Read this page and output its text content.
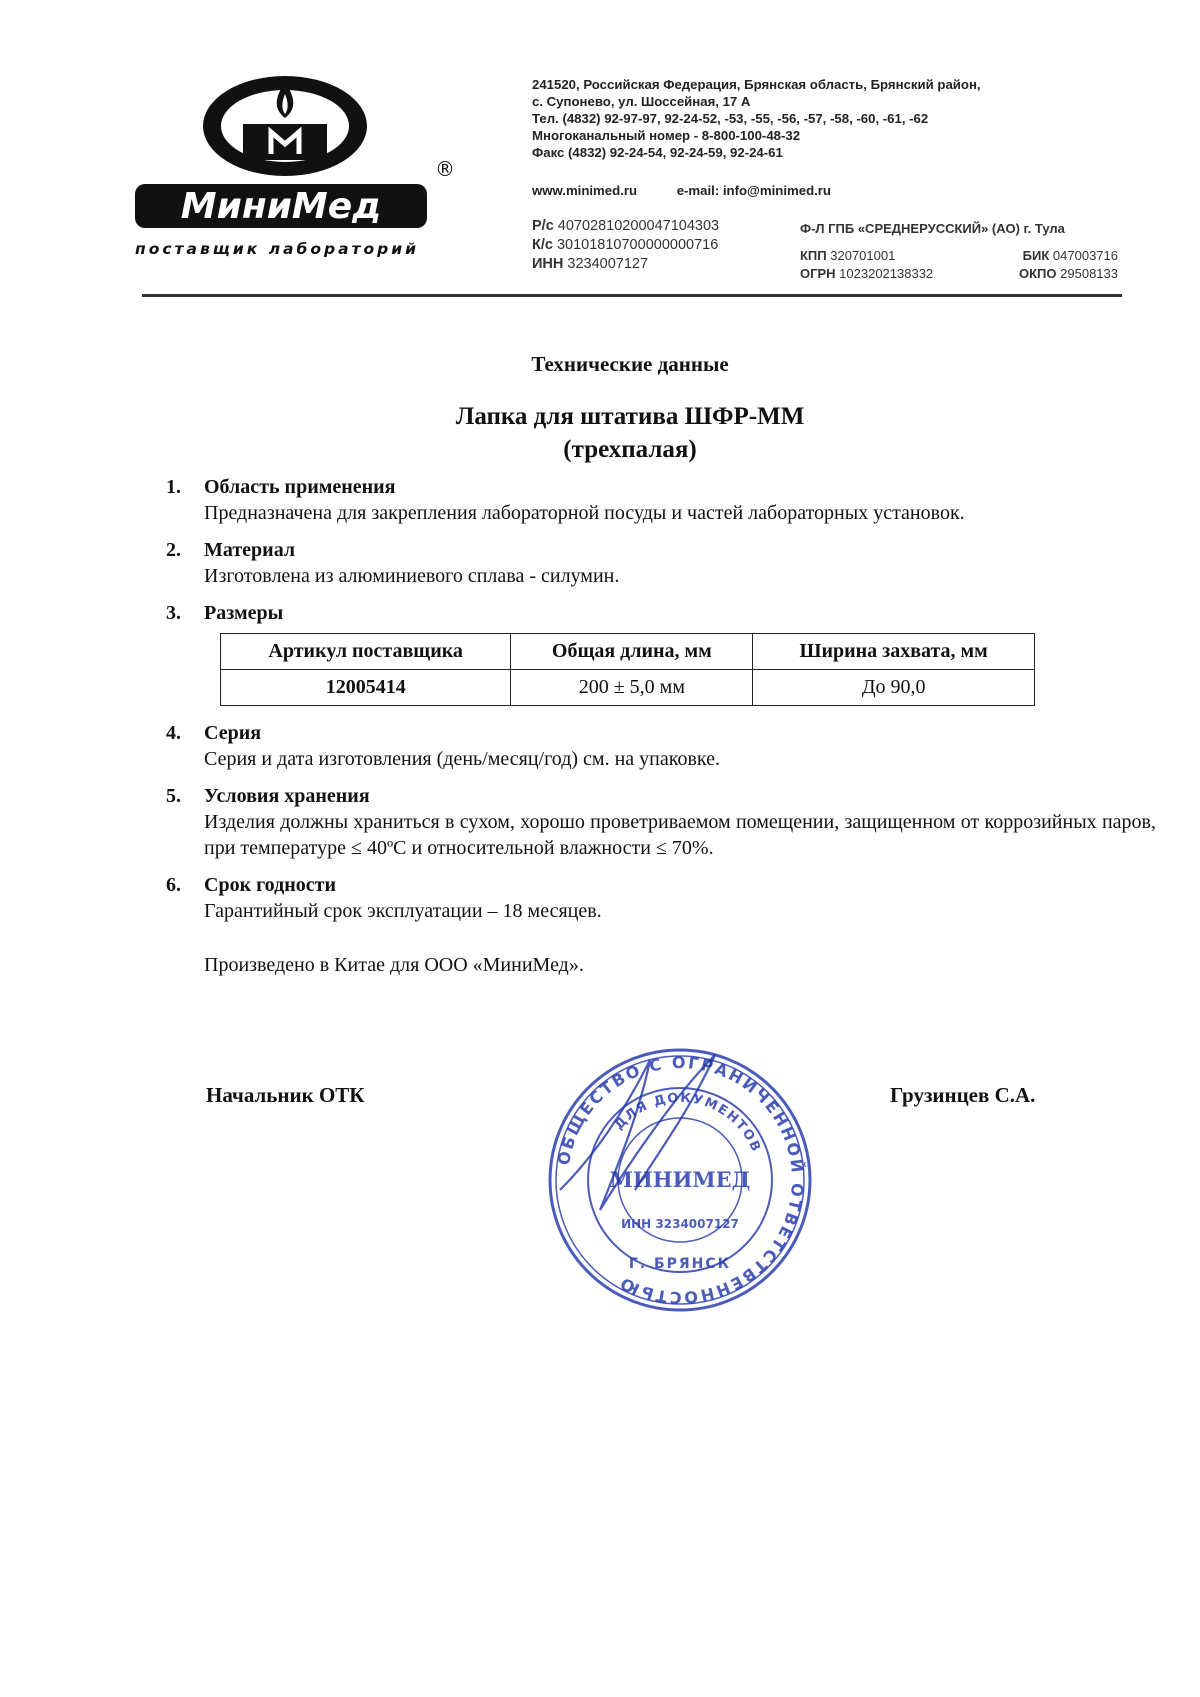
МиниМед
®
поставщик лабораторий
241520, Российская Федерация, Брянская область, Брянский район,
с. Супонево, ул. Шоссейная, 17 А
Тел. (4832) 92-97-97, 92-24-52, -53, -55, -56, -57, -58, -60, -61, -62
Многоканальный номер - 8-800-100-48-32
Факс (4832) 92-24-54, 92-24-59, 92-24-61
www.minimed.ru	e-mail: info@minimed.ru
Р/с 40702810200047104303
К/с 30101810700000000716
ИНН 3234007127
Ф-Л ГПБ «СРЕДНЕРУССКИЙ» (АО) г. Тула
КПП 320701001	БИК 047003716
ОГРН 1023202138332	ОКПО 29508133
Технические данные
Лапка для штатива ШФР-ММ
(трехпалая)
1. Область применения
Предназначена для закрепления лабораторной посуды и частей лабораторных установок.
2. Материал
Изготовлена из алюминиевого сплава - силумин.
3. Размеры
Артикул поставщика	Общая длина, мм	Ширина захвата, мм
12005414	200 ± 5,0 мм	До 90,0
4. Серия
Серия и дата изготовления (день/месяц/год) см. на упаковке.
5. Условия хранения
Изделия должны храниться в сухом, хорошо проветриваемом помещении, защищенном от коррозийных паров, при температуре ≤ 40ºС и относительной влажности ≤ 70%.
6. Срок годности
Гарантийный срок эксплуатации – 18 месяцев.
Произведено в Китае для ООО «МиниМед».
Начальник ОТК	Грузинцев С.А.
ОБЩЕСТВО С ОГРАНИЧЕННОЙ ОТВЕТСТВЕННОСТЬЮ
ДЛЯ ДОКУМЕНТОВ
МИНИМЕД
ИНН 3234007127
Г. БРЯНСК
